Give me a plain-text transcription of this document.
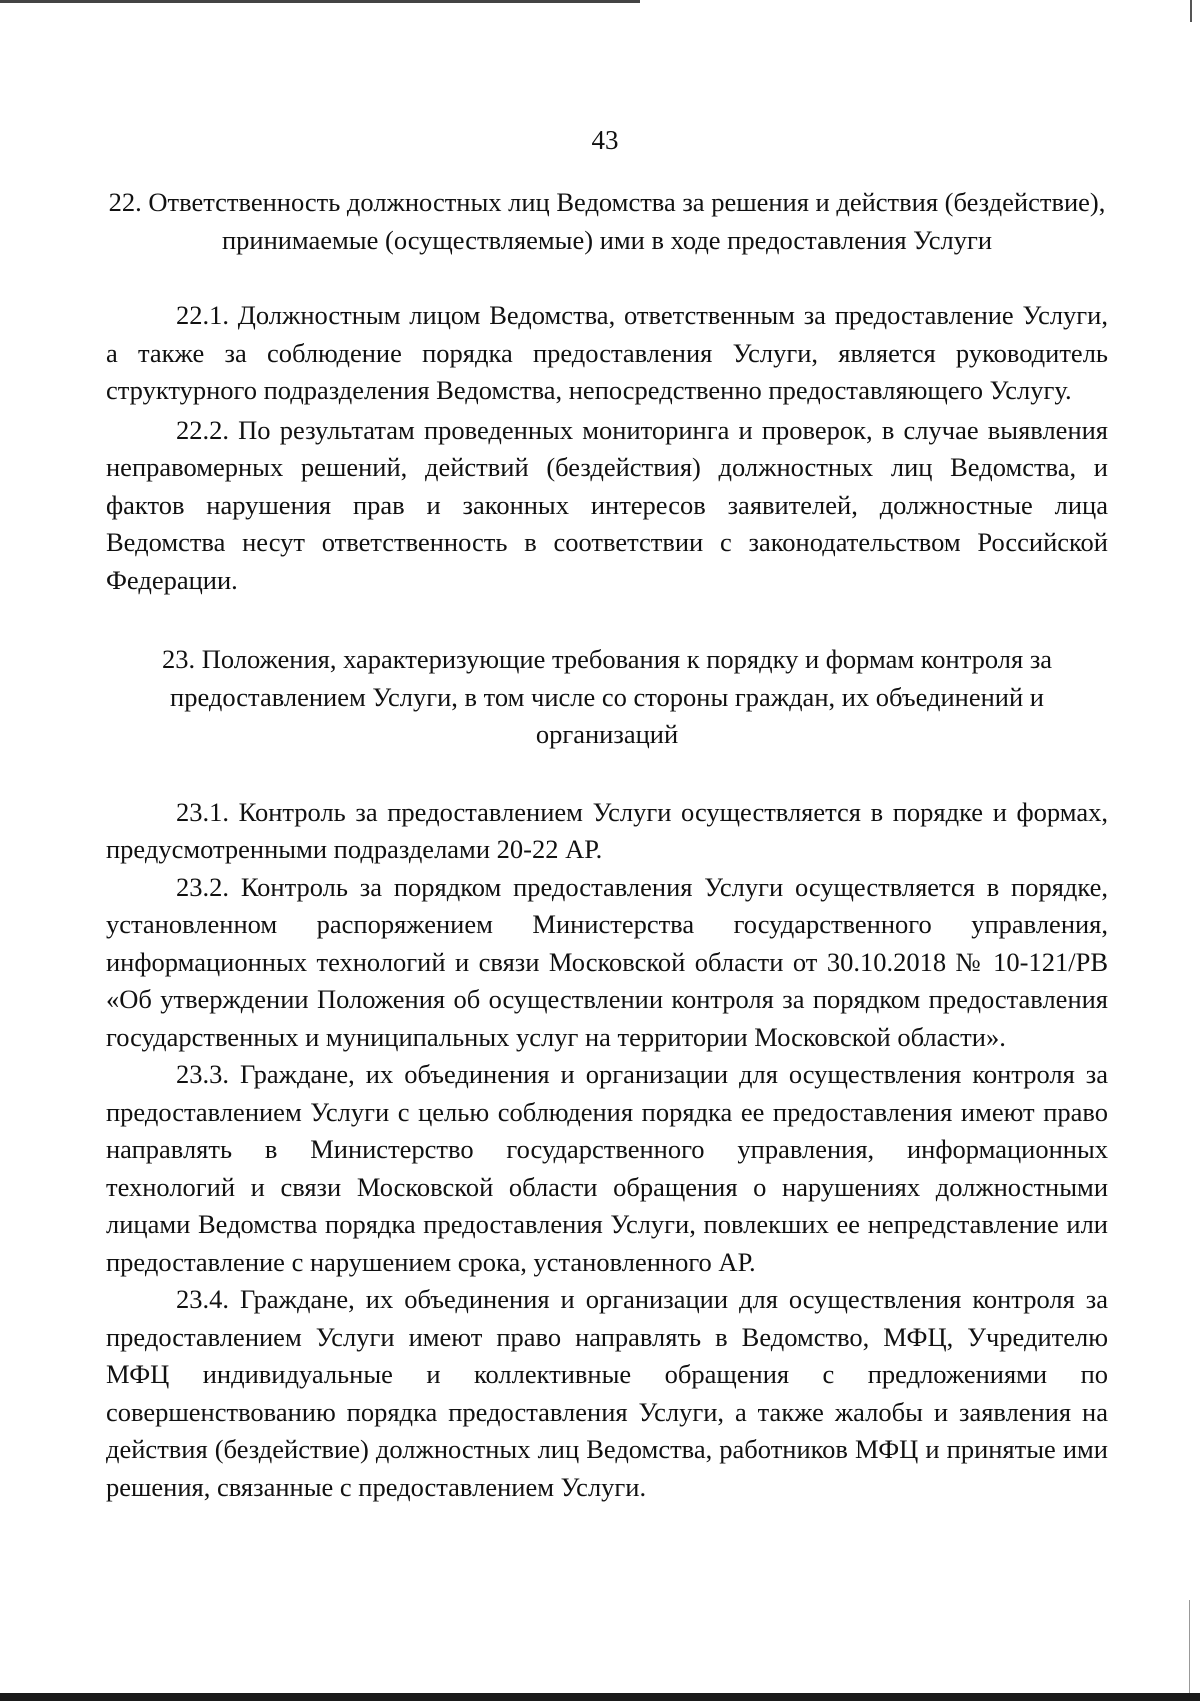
43

22. Ответственность должностных лиц Ведомства за решения и действия (бездействие), принимаемые (осуществляемые) ими в ходе предоставления Услуги

22.1. Должностным лицом Ведомства, ответственным за предоставление Услуги, а также за соблюдение порядка предоставления Услуги, является руководитель структурного подразделения Ведомства, непосредственно предоставляющего Услугу.

22.2. По результатам проведенных мониторинга и проверок, в случае выявления неправомерных решений, действий (бездействия) должностных лиц Ведомства, и фактов нарушения прав и законных интересов заявителей, должностные лица Ведомства несут ответственность в соответствии с законодательством Российской Федерации.

23. Положения, характеризующие требования к порядку и формам контроля за предоставлением Услуги, в том числе со стороны граждан, их объединений и организаций

23.1. Контроль за предоставлением Услуги осуществляется в порядке и формах, предусмотренными подразделами 20-22 АР.

23.2. Контроль за порядком предоставления Услуги осуществляется в порядке, установленном распоряжением Министерства государственного управления, информационных технологий и связи Московской области от 30.10.2018 № 10-121/РВ «Об утверждении Положения об осуществлении контроля за порядком предоставления государственных и муниципальных услуг на территории Московской области».

23.3. Граждане, их объединения и организации для осуществления контроля за предоставлением Услуги с целью соблюдения порядка ее предоставления имеют право направлять в Министерство государственного управления, информационных технологий и связи Московской области обращения о нарушениях должностными лицами Ведомства порядка предоставления Услуги, повлекших ее непредставление или предоставление с нарушением срока, установленного АР.

23.4. Граждане, их объединения и организации для осуществления контроля за предоставлением Услуги имеют право направлять в Ведомство, МФЦ, Учредителю МФЦ индивидуальные и коллективные обращения с предложениями по совершенствованию порядка предоставления Услуги, а также жалобы и заявления на действия (бездействие) должностных лиц Ведомства, работников МФЦ и принятые ими решения, связанные с предоставлением Услуги.
